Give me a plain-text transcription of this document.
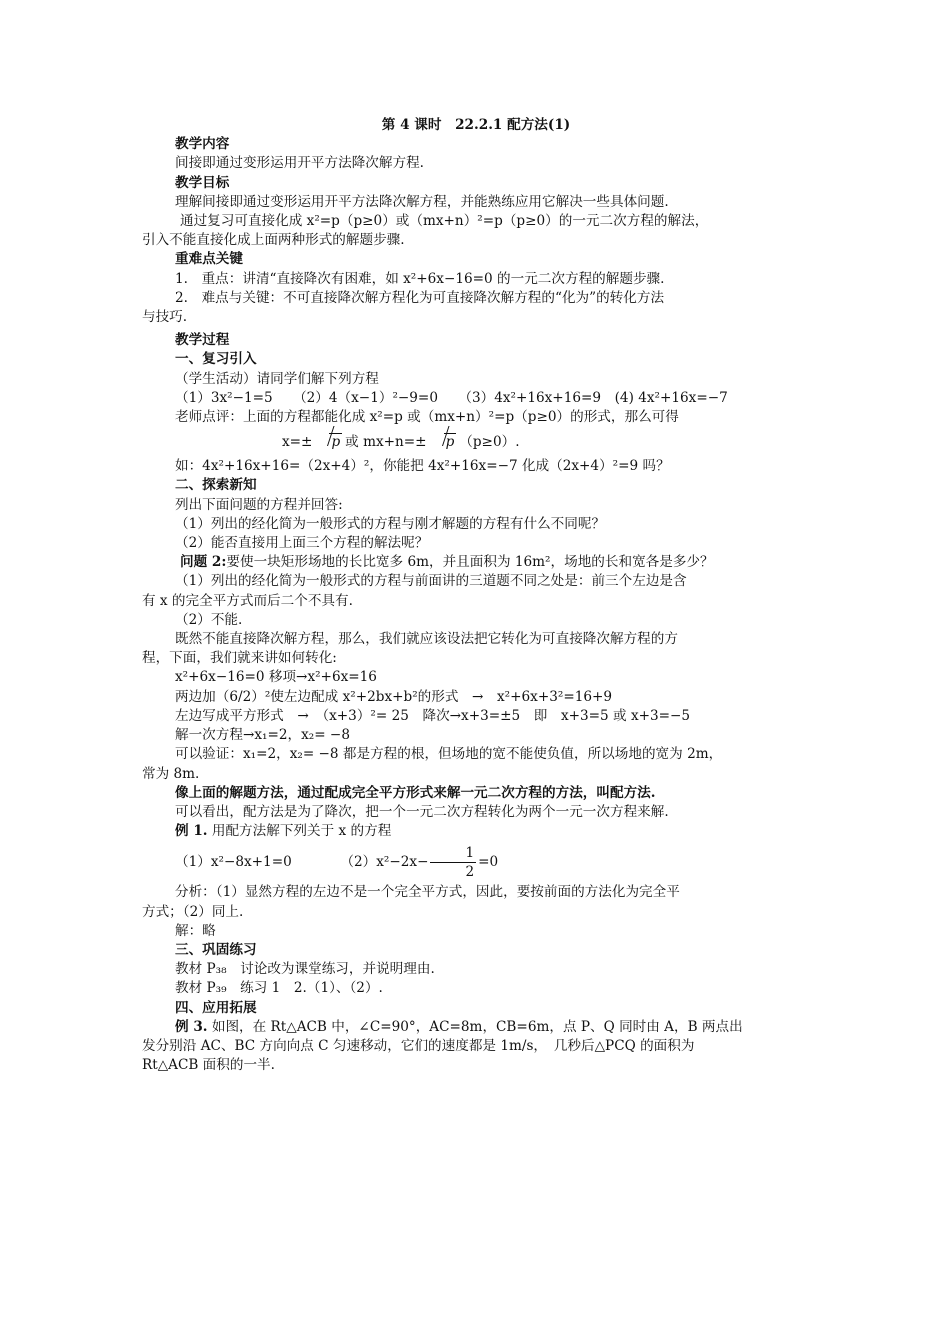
第 4 课时　22.2.1 配方法(1)
教学内容
间接即通过变形运用开平方法降次解方程.
教学目标
理解间接即通过变形运用开平方法降次解方程，并能熟练应用它解决一些具体问题.
通过复习可直接化成 x²=p（p≥0）或（mx+n）²=p（p≥0）的一元二次方程的解法，
引入不能直接化成上面两种形式的解题步骤.
重难点关键
1.　重点：讲清“直接降次有困难，如 x²+6x−16=0 的一元二次方程的解题步骤.
2.　难点与关键：不可直接降次解方程化为可直接降次解方程的“化为”的转化方法
与技巧.
教学过程
一、复习引入
（学生活动）请同学们解下列方程
（1）3x²−1=5　　（2）4（x−1）²−9=0　　（3）4x²+16x+16=9　(4) 4x²+16x=−7
老师点评：上面的方程都能化成 x²=p 或（mx+n）²=p（p≥0）的形式，那么可得
x=± p 或 mx+n=± p （p≥0）.
如：4x²+16x+16=（2x+4）²，你能把 4x²+16x=−7 化成（2x+4）²=9 吗？
二、探索新知
列出下面问题的方程并回答:
（1）列出的经化简为一般形式的方程与刚才解题的方程有什么不同呢？
（2）能否直接用上面三个方程的解法呢？
问题 2:要使一块矩形场地的长比宽多 6m，并且面积为 16m²，场地的长和宽各是多少？
（1）列出的经化简为一般形式的方程与前面讲的三道题不同之处是：前三个左边是含
有 x 的完全平方式而后二个不具有.
（2）不能.
既然不能直接降次解方程，那么，我们就应该设法把它转化为可直接降次解方程的方
程，下面，我们就来讲如何转化:
x²+6x−16=0 移项→x²+6x=16
两边加（6/2）²使左边配成 x²+2bx+b²的形式　→　x²+6x+3²=16+9
左边写成平方形式　→　（x+3）²= 25　降次→x+3=±5　即　x+3=5 或 x+3=−5
解一次方程→x₁=2，x₂= −8
可以验证：x₁=2，x₂= −8 都是方程的根，但场地的宽不能使负值，所以场地的宽为 2m，
常为 8m.
像上面的解题方法，通过配成完全平方形式来解一元二次方程的方法，叫配方法.
可以看出，配方法是为了降次，把一个一元二次方程转化为两个一元一次方程来解.
例 1. 用配方法解下列关于 x 的方程
（1）x²−8x+1=0	$(2)x^2-2x- \frac{1}{2} =0$
分析：（1）显然方程的左边不是一个完全平方式，因此，要按前面的方法化为完全平
方式；（2）同上.
解：略
三、巩固练习
教材 P₃₈　讨论改为课堂练习，并说明理由.
教材 P₃₉　练习 1　2.（1）、（2）.
四、应用拓展
例 3. 如图，在 Rt△ACB 中，∠C=90°，AC=8m，CB=6m，点 P、Q 同时由 A，B 两点出
发分别沿 AC、BC 方向向点 C 匀速移动，它们的速度都是 1m/s，　几秒后△PCQ 的面积为
Rt△ACB 面积的一半.
